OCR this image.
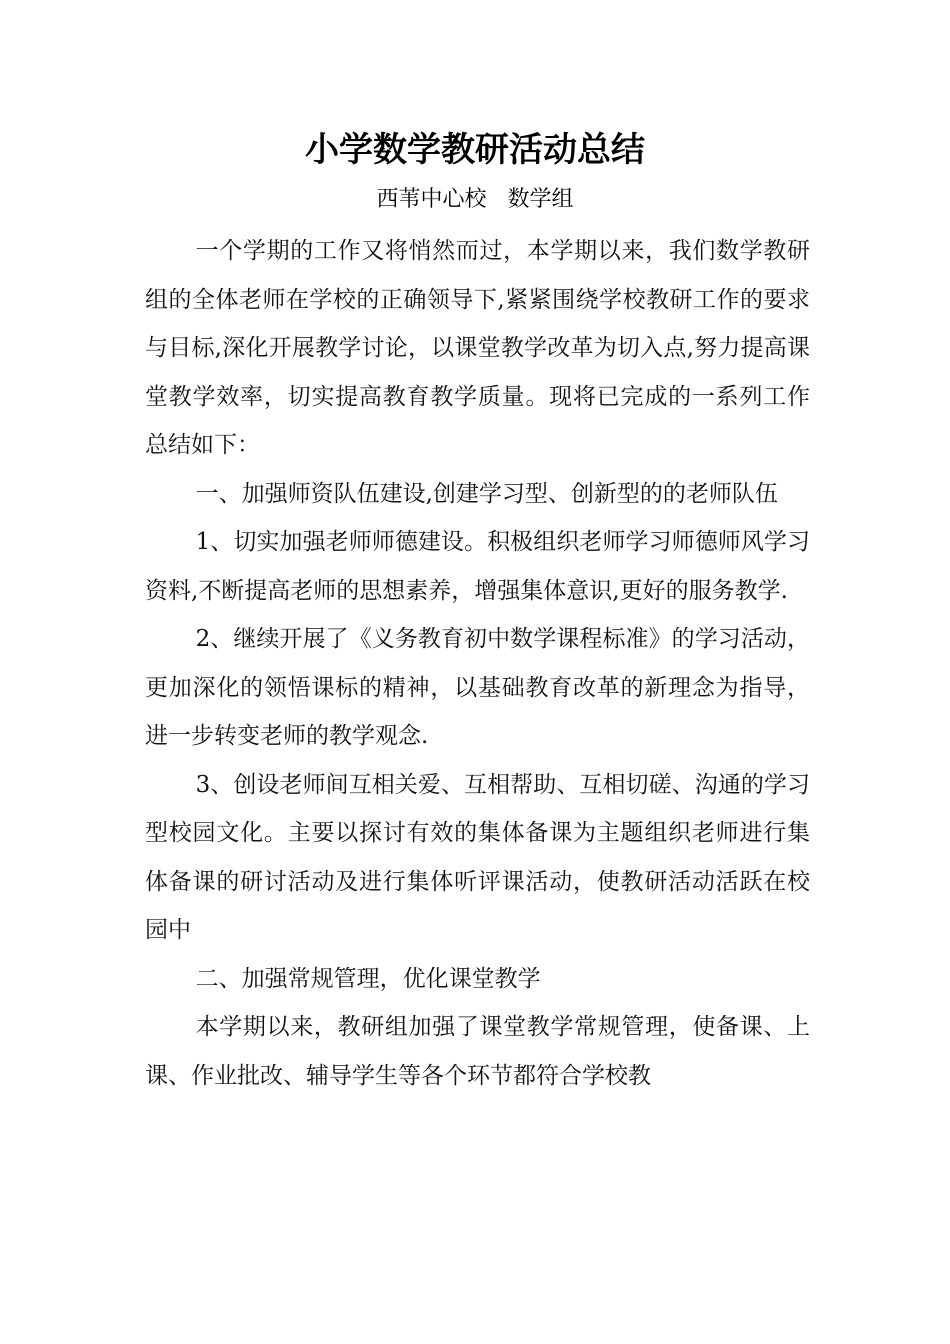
小学数学教研活动总结
西苇中心校   数学组

一个学期的工作又将悄然而过，本学期以来，我们数学教研组的全体老师在学校的正确领导下,紧紧围绕学校教研工作的要求与目标,深化开展教学讨论，以课堂教学改革为切入点,努力提高课堂教学效率，切实提高教育教学质量。现将已完成的一系列工作总结如下：

一、加强师资队伍建设,创建学习型、创新型的的老师队伍

1、切实加强老师师德建设。积极组织老师学习师德师风学习资料,不断提高老师的思想素养，增强集体意识,更好的服务教学.

2、继续开展了《义务教育初中数学课程标准》的学习活动，更加深化的领悟课标的精神，以基础教育改革的新理念为指导，进一步转变老师的教学观念.

3、创设老师间互相关爱、互相帮助、互相切磋、沟通的学习型校园文化。主要以探讨有效的集体备课为主题组织老师进行集体备课的研讨活动及进行集体听评课活动，使教研活动活跃在校园中

二、加强常规管理，优化课堂教学

本学期以来，教研组加强了课堂教学常规管理，使备课、上课、作业批改、辅导学生等各个环节都符合学校教
